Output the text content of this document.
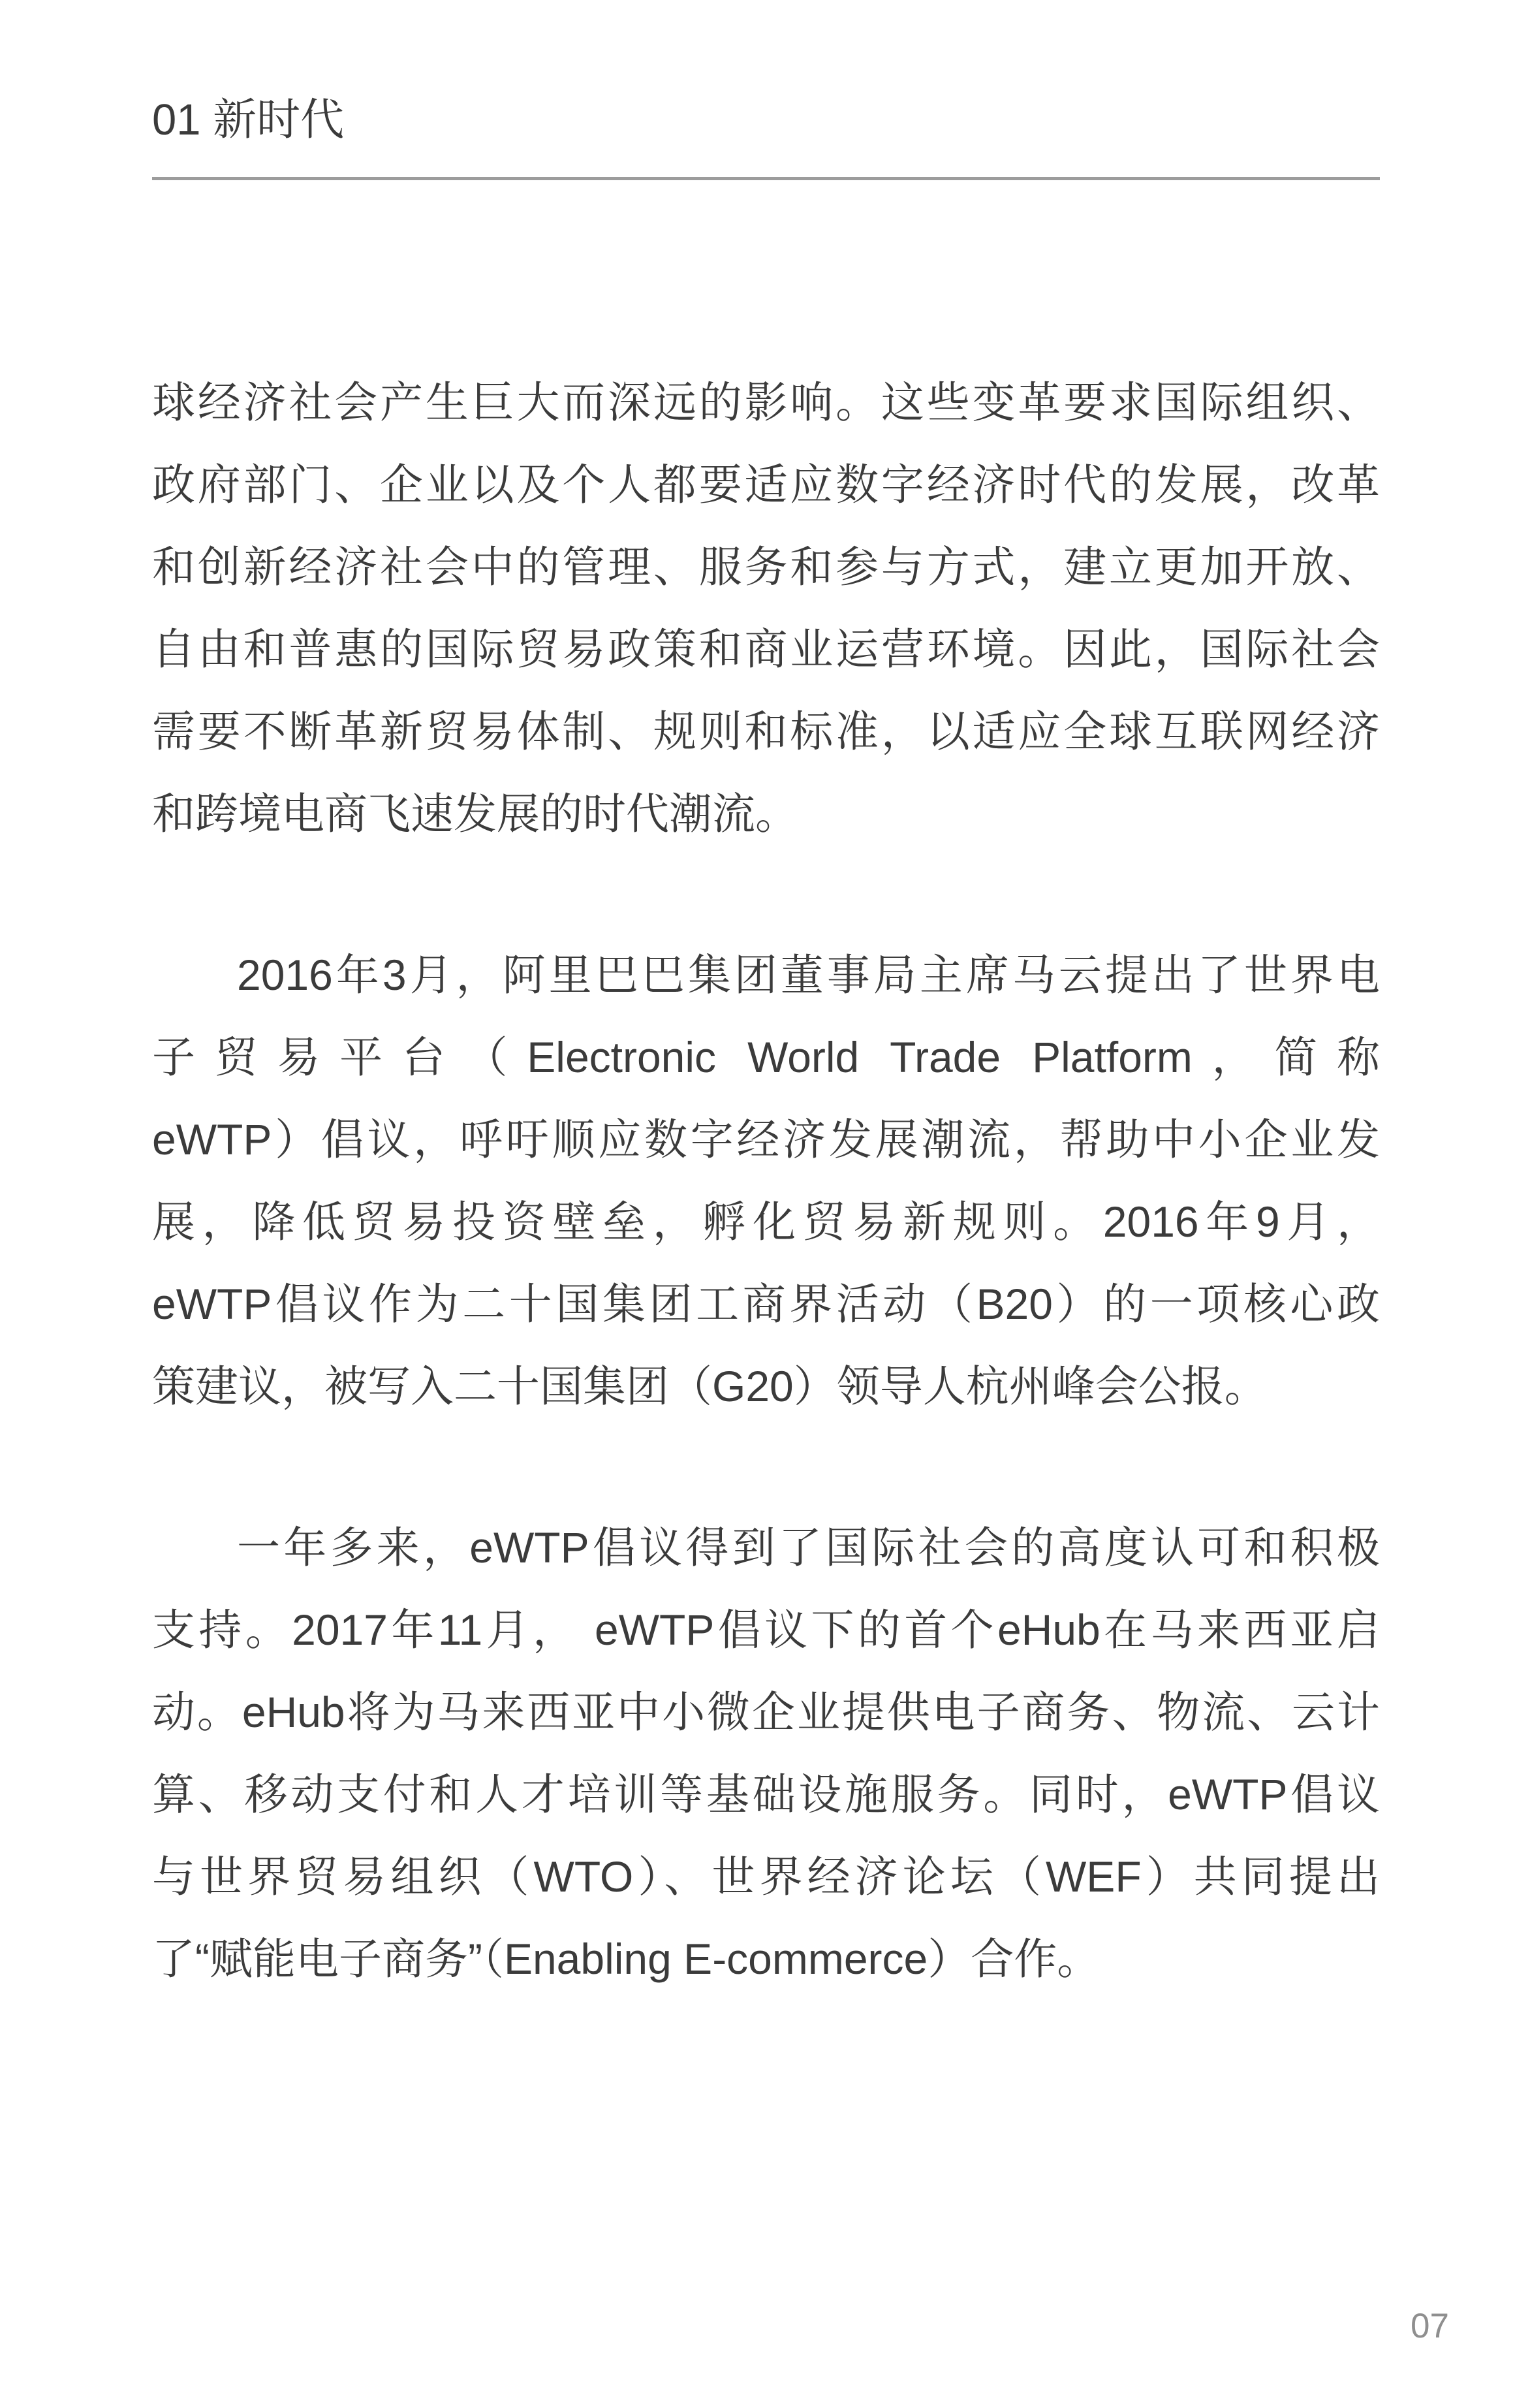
01 新时代
球经济社会产生巨大而深远的影响。这些变革要求国际组织、
政府部门、企业以及个人都要适应数字经济时代的发展，改革
和创新经济社会中的管理、服务和参与方式，建立更加开放、
自由和普惠的国际贸易政策和商业运营环境。因此，国际社会
需要不断革新贸易体制、规则和标准，以适应全球互联网经济
和跨境电商飞速发展的时代潮流。
2016年3月，阿里巴巴集团董事局主席马云提出了世界电
子贸易平台（Electronic World Trade Platform，简称
eWTP）倡议，呼吁顺应数字经济发展潮流，帮助中小企业发
展，降低贸易投资壁垒，孵化贸易新规则。2016年9月，
eWTP倡议作为二十国集团工商界活动（B20）的一项核心政
策建议，被写入二十国集团（G20）领导人杭州峰会公报。
一年多来，eWTP倡议得到了国际社会的高度认可和积极
支持。2017年11月， eWTP倡议下的首个eHub在马来西亚启
动。eHub将为马来西亚中小微企业提供电子商务、物流、云计
算、移动支付和人才培训等基础设施服务。同时，eWTP倡议
与世界贸易组织（WTO）、世界经济论坛（WEF）共同提出
了“赋能电子商务”（Enabling E-commerce）合作。
07
